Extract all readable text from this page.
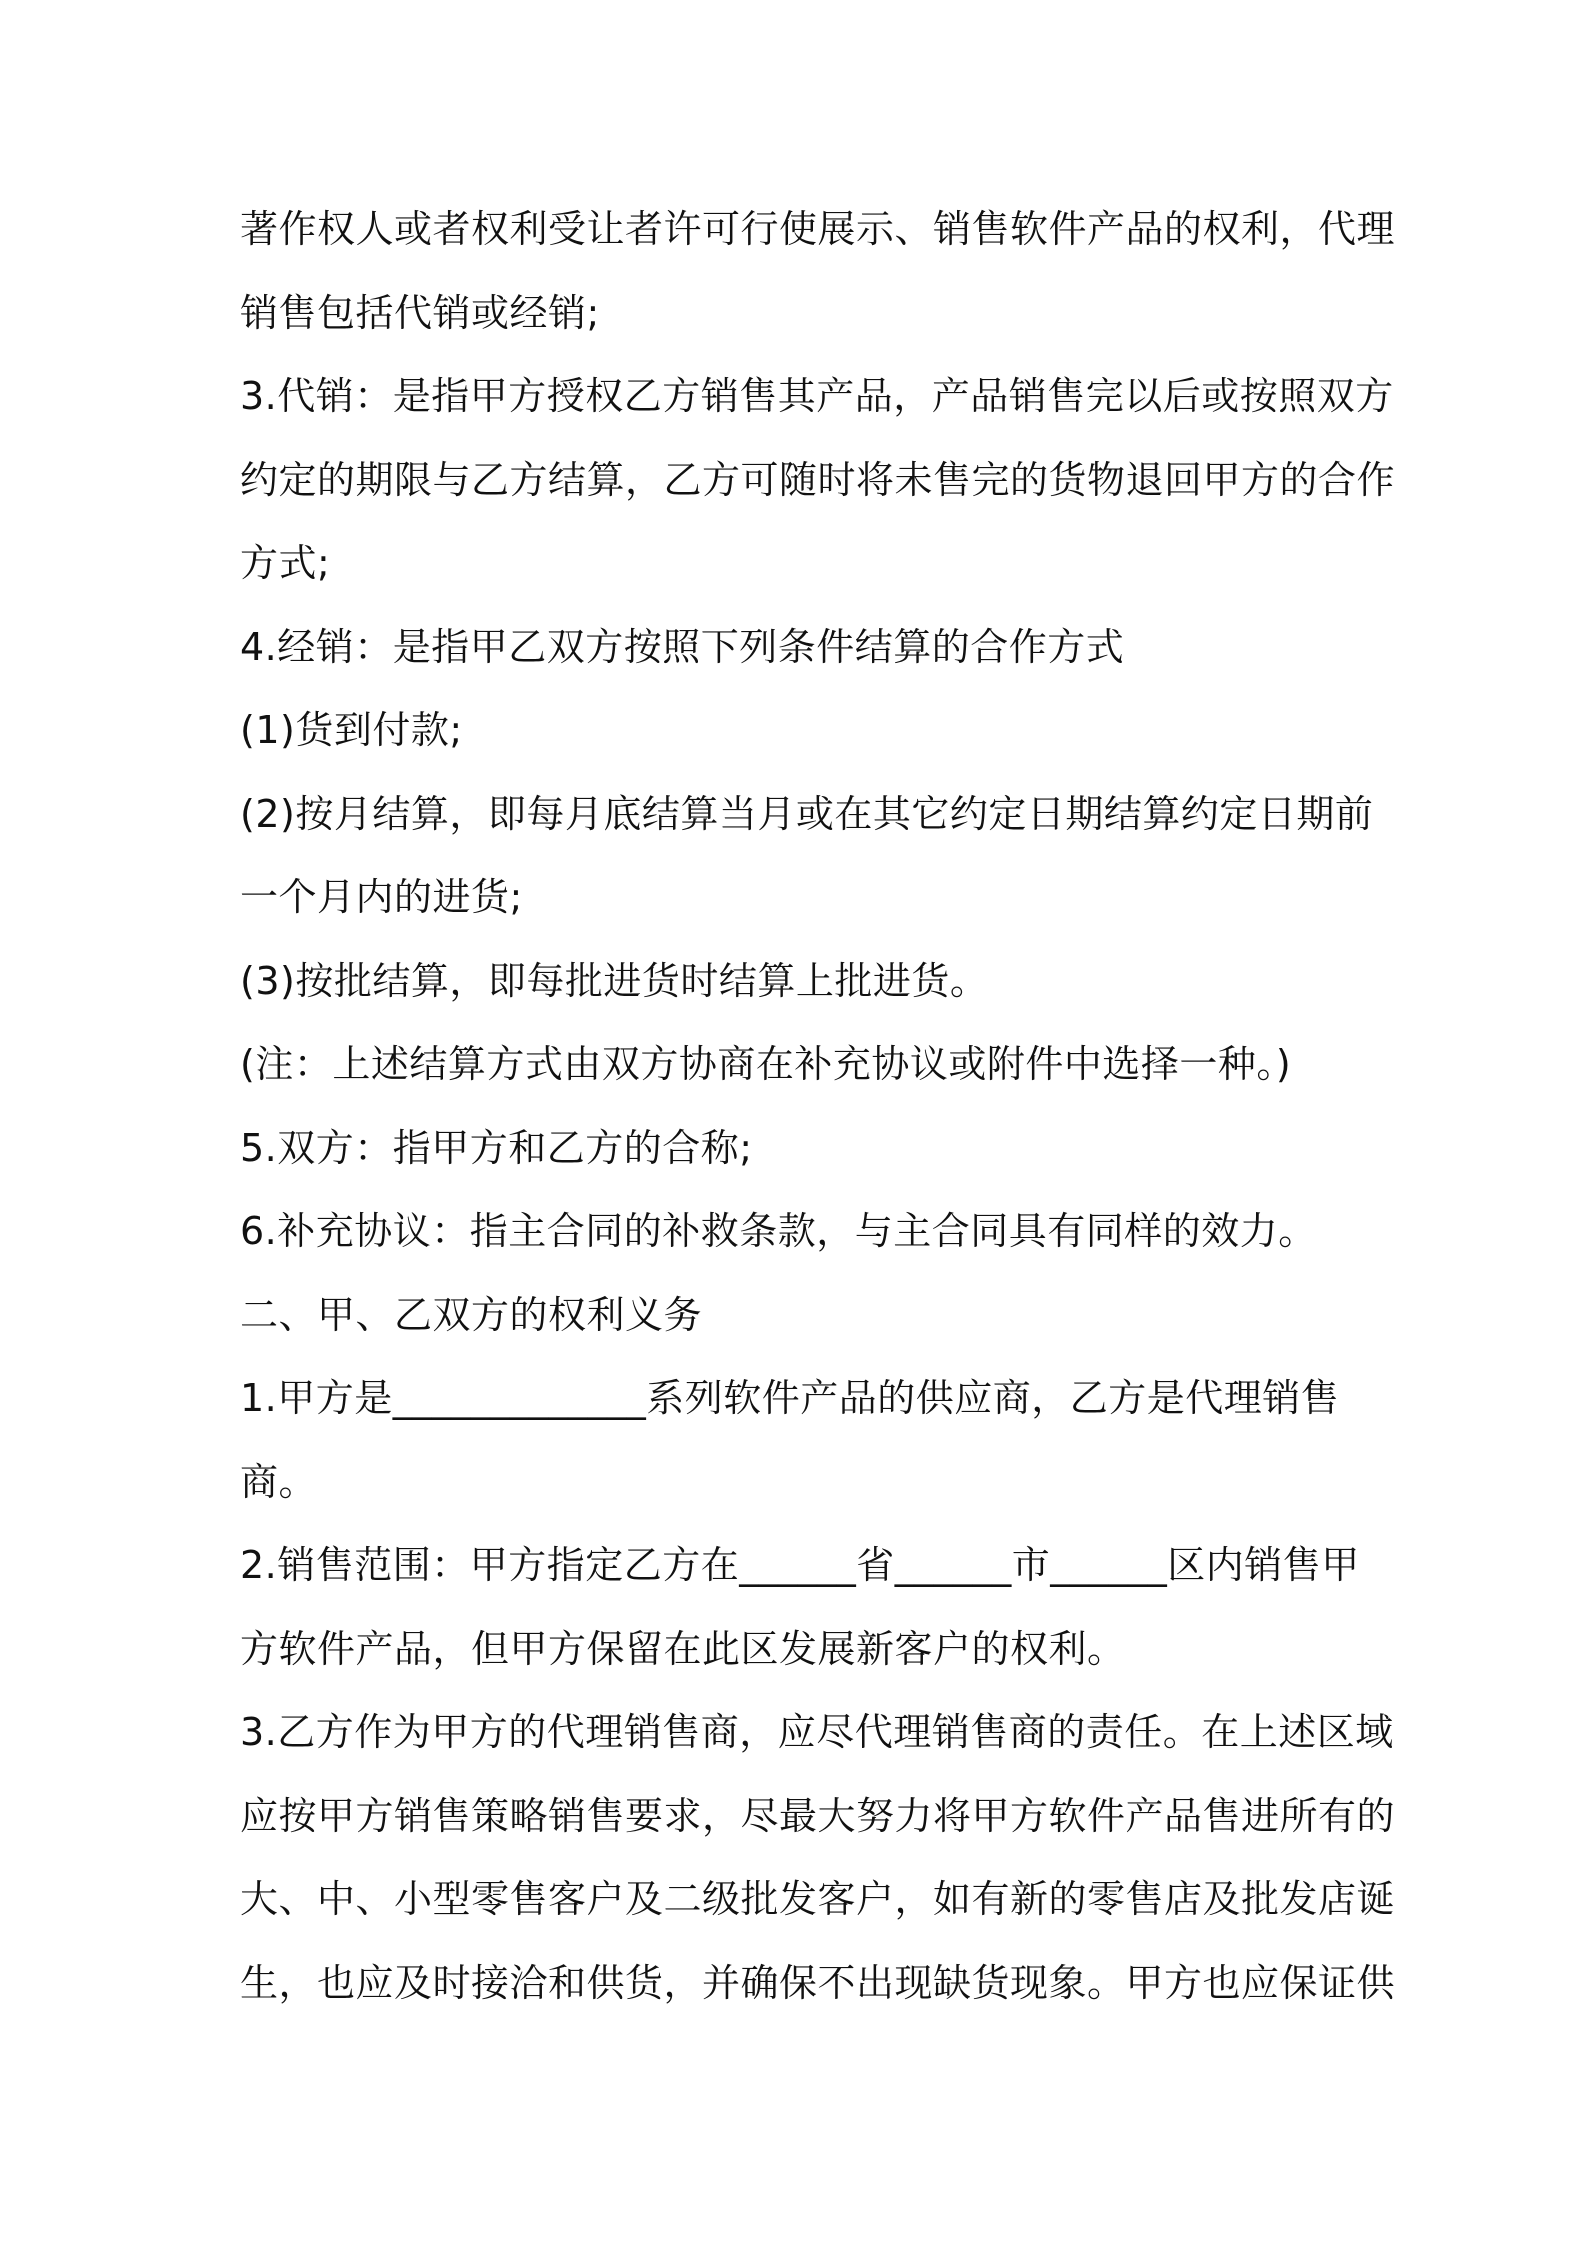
著作权人或者权利受让者许可行使展示、销售软件产品的权利，代理
销售包括代销或经销;
3.代销：是指甲方授权乙方销售其产品，产品销售完以后或按照双方
约定的期限与乙方结算，乙方可随时将未售完的货物退回甲方的合作
方式;
4.经销：是指甲乙双方按照下列条件结算的合作方式
(1)货到付款;
(2)按月结算，即每月底结算当月或在其它约定日期结算约定日期前
一个月内的进货;
(3)按批结算，即每批进货时结算上批进货。
(注：上述结算方式由双方协商在补充协议或附件中选择一种。)
5.双方：指甲方和乙方的合称;
6.补充协议：指主合同的补救条款，与主合同具有同样的效力。
二、甲、乙双方的权利义务
1.甲方是_____________系列软件产品的供应商，乙方是代理销售
商。
2.销售范围：甲方指定乙方在______省______市______区内销售甲
方软件产品，但甲方保留在此区发展新客户的权利。
3.乙方作为甲方的代理销售商，应尽代理销售商的责任。在上述区域
应按甲方销售策略销售要求，尽最大努力将甲方软件产品售进所有的
大、中、小型零售客户及二级批发客户，如有新的零售店及批发店诞
生，也应及时接洽和供货，并确保不出现缺货现象。甲方也应保证供
